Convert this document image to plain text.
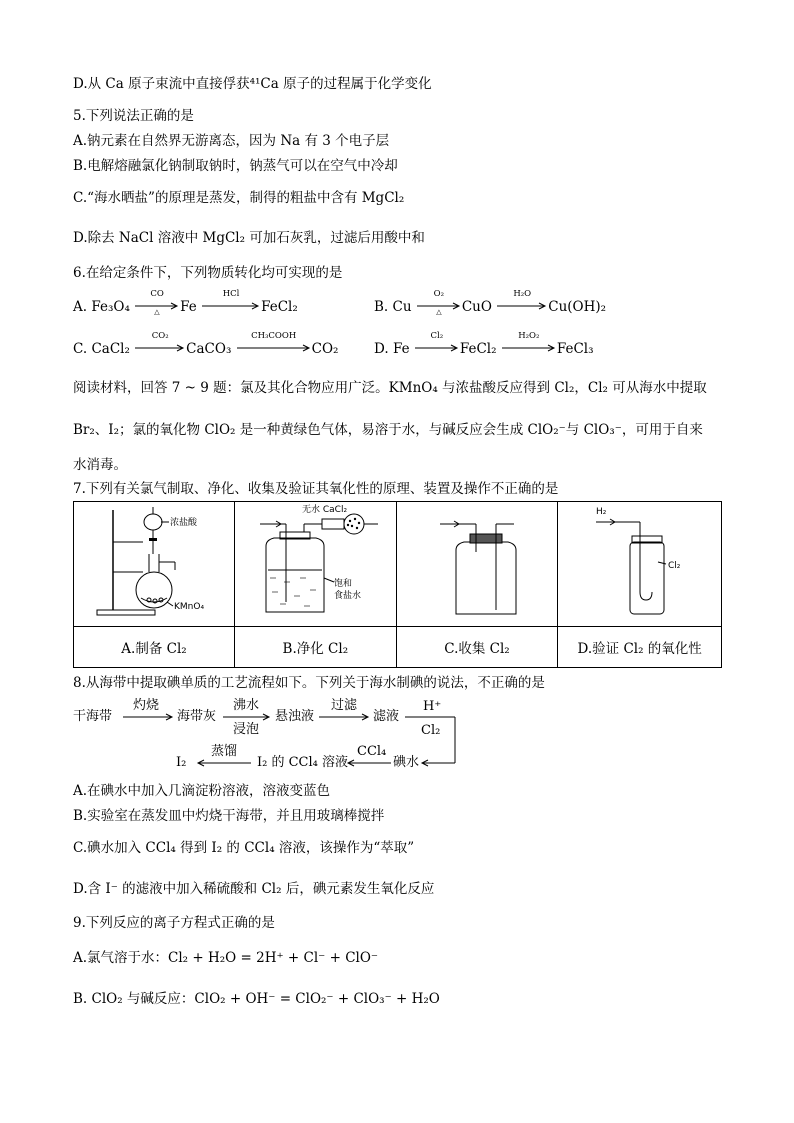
D.从 Ca 原子束流中直接俘获⁴¹Ca 原子的过程属于化学变化
5.下列说法正确的是
A.钠元素在自然界无游离态，因为 Na 有 3 个电子层
B.电解熔融氯化钠制取钠时，钠蒸气可以在空气中冷却
C.“海水晒盐”的原理是蒸发，制得的粗盐中含有 MgCl₂
D.除去 NaCl 溶液中 MgCl₂ 可加石灰乳，过滤后用酸中和
6.在给定条件下，下列物质转化均可实现的是
A. Fe₃O₄
CO
△ Fe
HCl
FeCl₂	B. Cu
O₂
△ CuO
H₂O
Cu(OH)₂
C. CaCl₂
CO₂
CaCO₃
CH₃COOH
CO₂	D. Fe
Cl₂
FeCl₂
H₂O₂
FeCl₃
阅读材料，回答 7 ~ 9 题：氯及其化合物应用广泛。KMnO₄ 与浓盐酸反应得到 Cl₂，Cl₂ 可从海水中提取
Br₂、I₂；氯的氧化物 ClO₂ 是一种黄绿色气体，易溶于水，与碱反应会生成 ClO₂⁻与 ClO₃⁻，可用于自来
水消毒。
7.下列有关氯气制取、净化、收集及验证其氧化性的原理、装置及操作不正确的是
浓盐酸
KMnO₄	无水 CaCl₂
饱和
食盐水		H₂
Cl₂

A.制备 Cl₂	B.净化 Cl₂	C.收集 Cl₂	D.验证 Cl₂ 的氧化性
8.从海带中提取碘单质的工艺流程如下。下列关于海水制碘的说法，不正确的是
干海带
灼烧
海带灰
沸水
浸泡
悬浊液
过滤
滤液
H⁺
Cl₂
碘水
CCl₄
I₂ 的 CCl₄ 溶液
蒸馏
I₂
A.在碘水中加入几滴淀粉溶液，溶液变蓝色
B.实验室在蒸发皿中灼烧干海带，并且用玻璃棒搅拌
C.碘水加入 CCl₄ 得到 I₂ 的 CCl₄ 溶液，该操作为“萃取”
D.含 I⁻ 的滤液中加入稀硫酸和 Cl₂ 后，碘元素发生氧化反应
9.下列反应的离子方程式正确的是
A.氯气溶于水：Cl₂ + H₂O = 2H⁺ + Cl⁻ + ClO⁻
B. ClO₂ 与碱反应：ClO₂ + OH⁻ = ClO₂⁻ + ClO₃⁻ + H₂O
